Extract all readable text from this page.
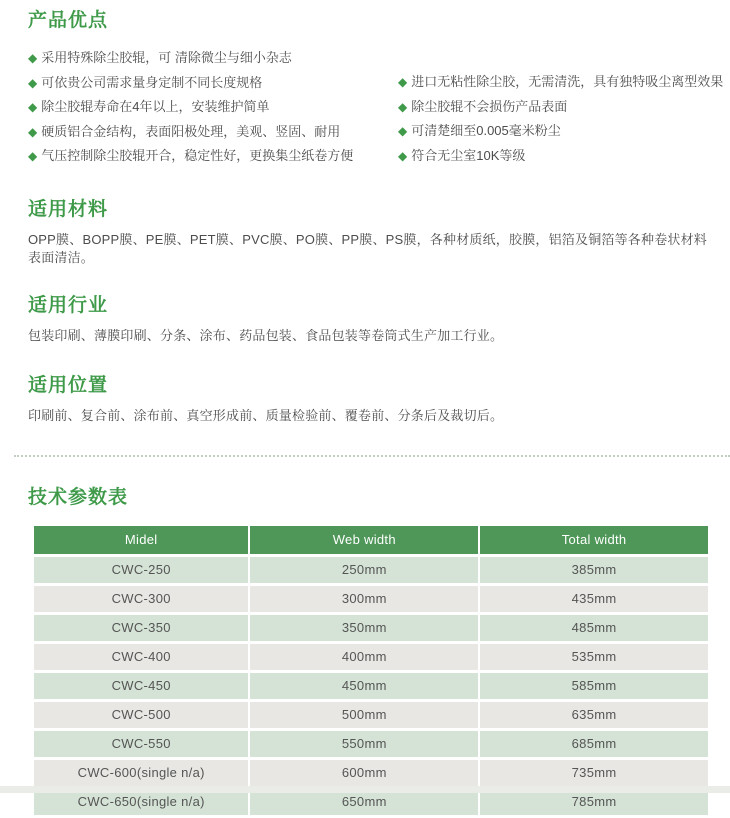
产品优点
◆ 采用特殊除尘胶辊，可 清除微尘与细小杂志
◆ 可依贵公司需求量身定制不同长度规格
◆ 除尘胶辊寿命在4年以上，安装维护简单
◆ 硬质铝合金结构，表面阳极处理，美观、竖固、耐用
◆ 气压控制除尘胶辊开合，稳定性好，更换集尘纸卷方便
◆ 进口无粘性除尘胶，无需清洗，具有独特吸尘离型效果
◆ 除尘胶辊不会损伤产品表面
◆ 可清楚细至0.005毫米粉尘
◆ 符合无尘室10K等级
适用材料

OPP膜、BOPP膜、PE膜、PET膜、PVC膜、PO膜、PP膜、PS膜，各种材质纸，胶膜，铝箔及铜箔等各种卷状材料表面清洁。

适用行业

包装印刷、薄膜印刷、分条、涂布、药品包装、食品包装等卷筒式生产加工行业。

适用位置

印刷前、复合前、涂布前、真空形成前、质量检验前、覆卷前、分条后及裁切后。

技术参数表
Midel	Web width	Total width
CWC-250	250mm	385mm
CWC-300	300mm	435mm
CWC-350	350mm	485mm
CWC-400	400mm	535mm
CWC-450	450mm	585mm
CWC-500	500mm	635mm
CWC-550	550mm	685mm
CWC-600(single n/a)	600mm	735mm
CWC-650(single n/a)	650mm	785mm
